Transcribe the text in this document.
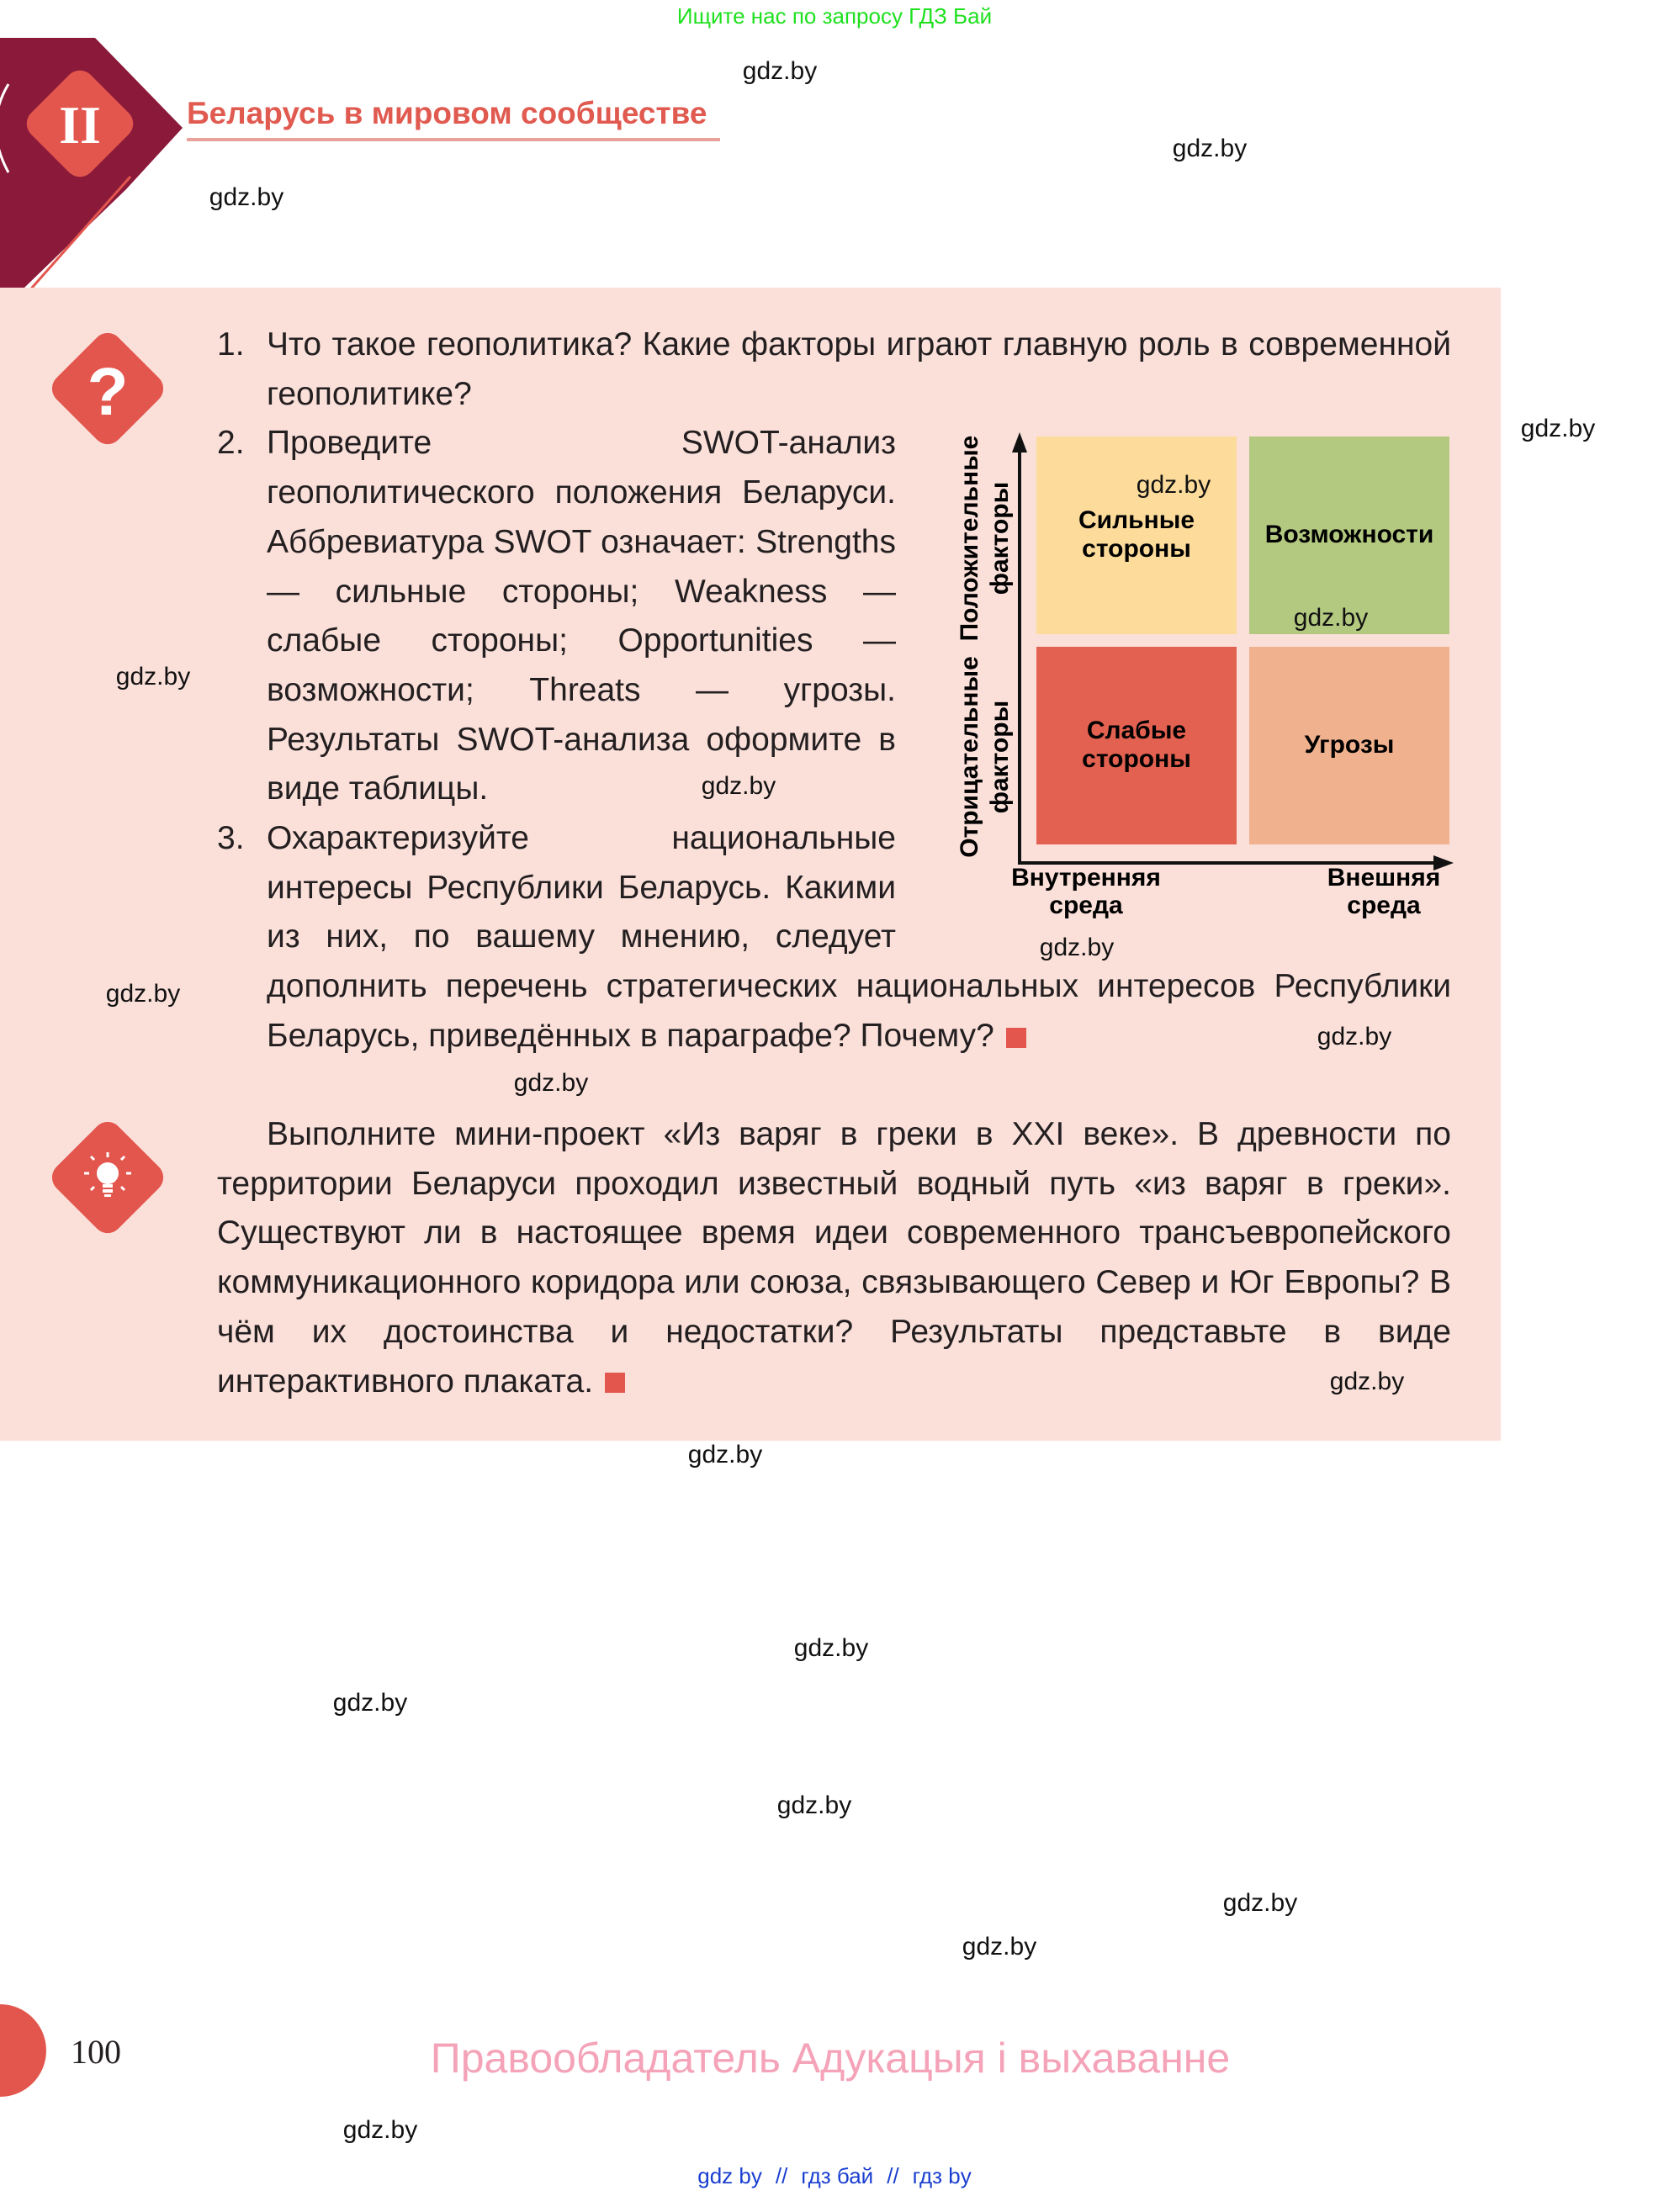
Ищите нас по запросу ГДЗ Бай
II	Беларусь в мировом сообществе
?
1. Что такое геополитика? Какие факторы играют главную роль в современной геополитике?
2. Проведите SWOT-анализ геополитического положения Беларуси. Аббревиатура SWOT означает: Strengths — сильные стороны; Weakness — слабые стороны; Opportunities — возможности; Threats — угрозы. Результаты SWOT-анализа оформите в виде таблицы.
3. Охарактеризуйте национальные интересы Республики Беларусь. Какими из них, по вашему мнению, следует дополнить перечень стратегических национальных интересов Республики Беларусь, приведённых в параграфе? Почему?
Сильные
стороны
Возможности
Слабые
стороны
Угрозы
Внутренняя
среда
Внешняя
среда
Положительные факторы
Отрицательные факторы
Выполните мини-проект «Из варяг в греки в XXI веке». В древности по территории Беларуси проходил известный водный путь «из варяг в греки». Существуют ли в настоящее время идеи современного трансъевропейского коммуникационного коридора или союза, связывающего Север и Юг Европы? В чём их достоинства и недостатки? Результаты представьте в виде интерактивного плаката.
gdz.by
gdz.by
gdz.by
gdz.by
gdz.by
gdz.by
gdz.by
gdz.by
gdz.by
gdz.by
gdz.by
gdz.by
gdz.by
gdz.by
gdz.by
gdz.by
gdz.by
gdz.by
gdz.by
gdz.by
100	Правообладатель Адукацыя і выхаванне
gdz by // гдз бай // гдз by
